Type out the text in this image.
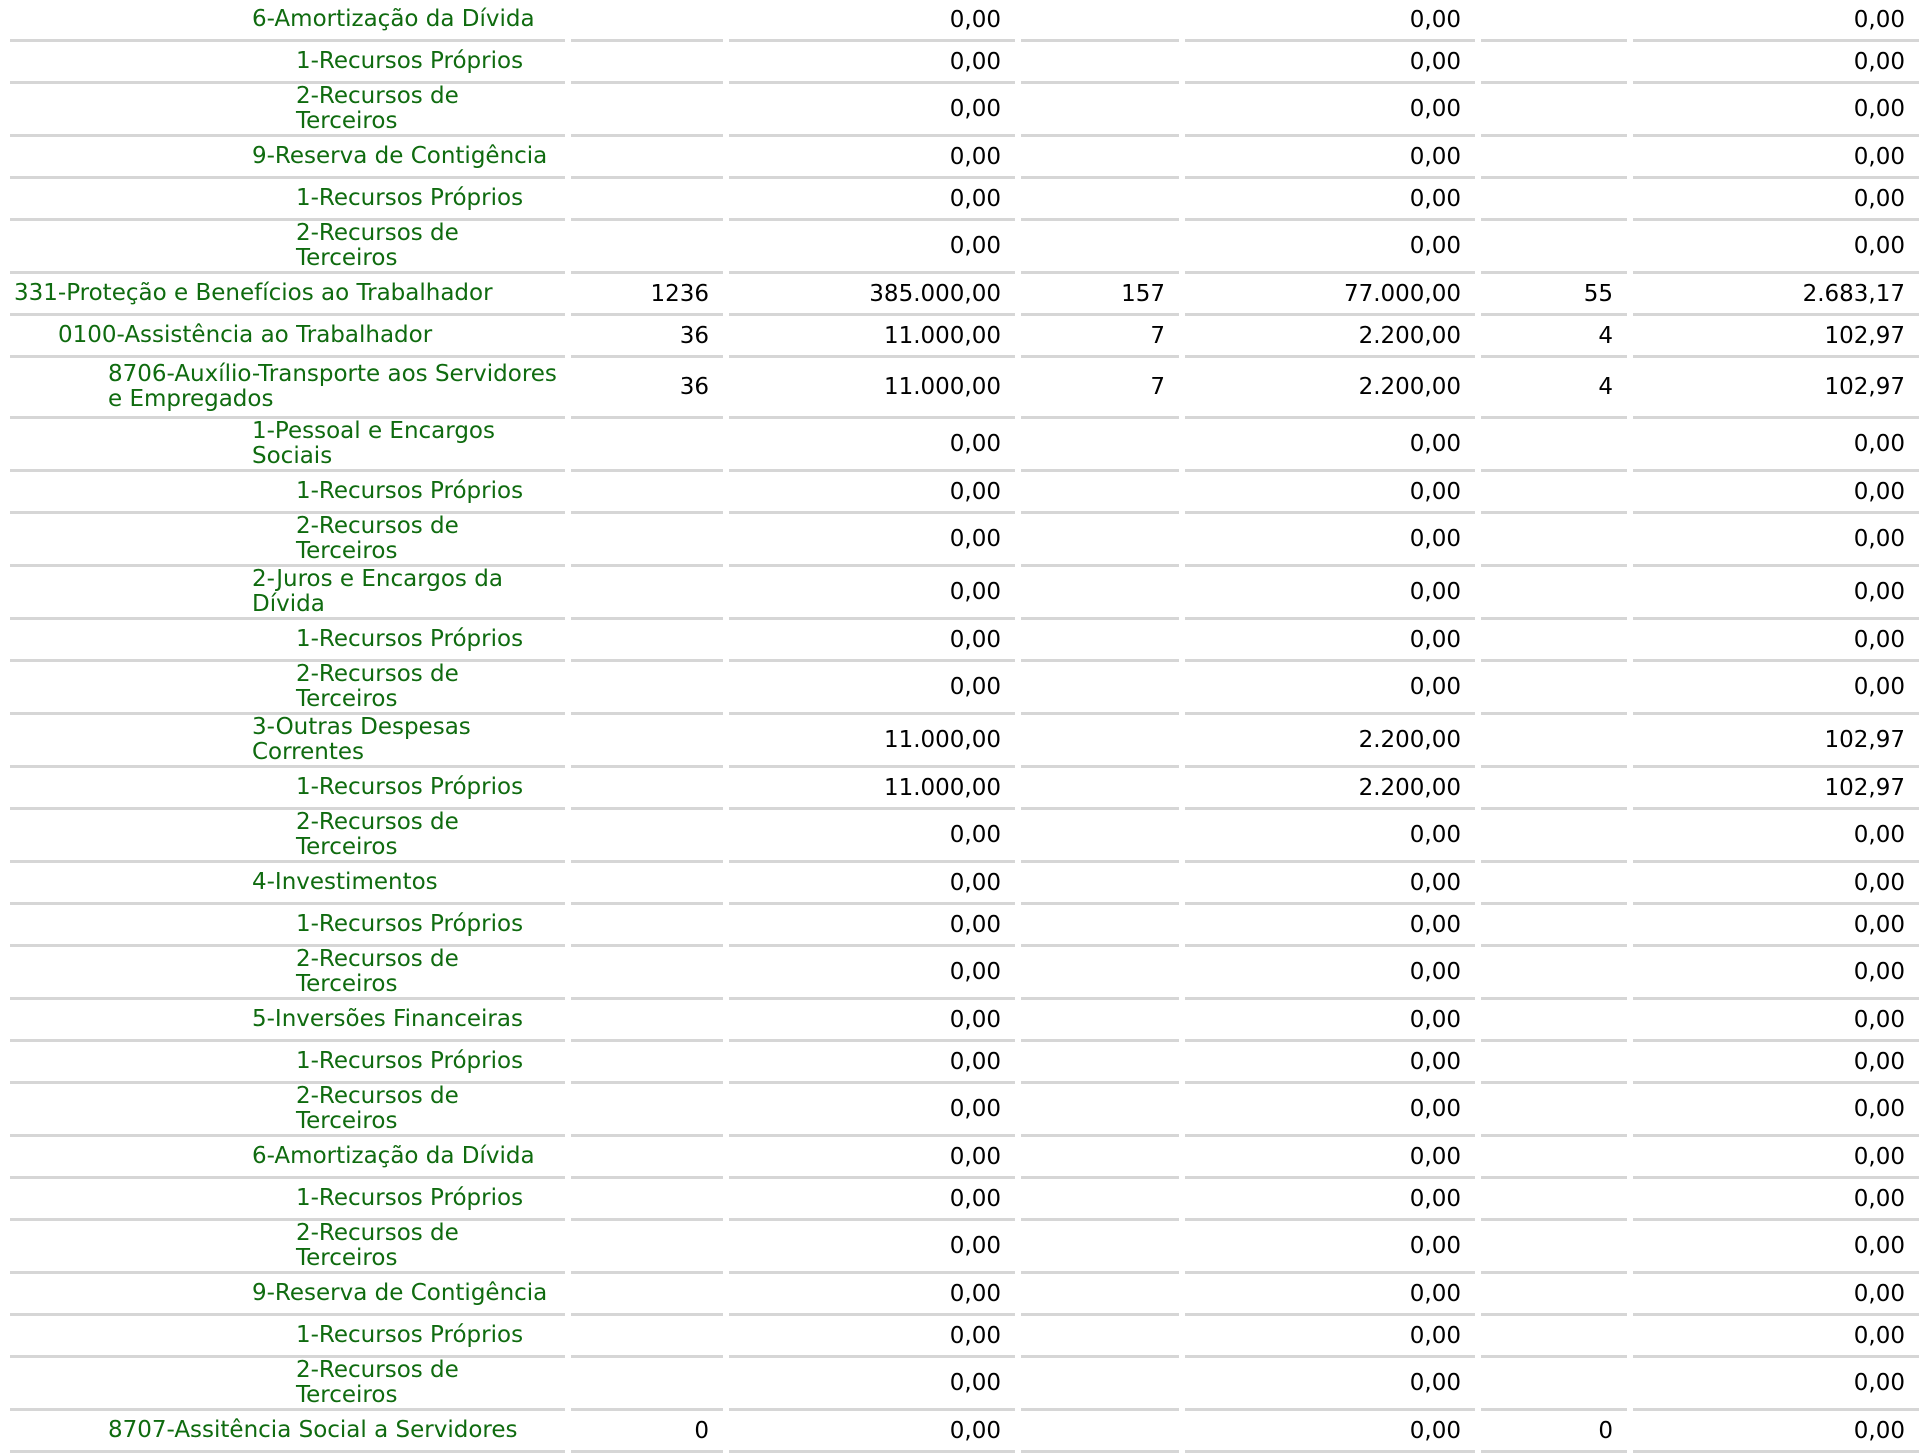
6-Amortização da Dívida		0,00		0,00		0,00
1-Recursos Próprios		0,00		0,00		0,00
2-Recursos de Terceiros		0,00		0,00		0,00
9-Reserva de Contigência		0,00		0,00		0,00
1-Recursos Próprios		0,00		0,00		0,00
2-Recursos de Terceiros		0,00		0,00		0,00
331-Proteção e Benefícios ao Trabalhador	1236	385.000,00	157	77.000,00	55	2.683,17
0100-Assistência ao Trabalhador	36	11.000,00	7	2.200,00	4	102,97
8706-Auxílio-Transporte aos Servidores e Empregados	36	11.000,00	7	2.200,00	4	102,97
1-Pessoal e Encargos Sociais		0,00		0,00		0,00
1-Recursos Próprios		0,00		0,00		0,00
2-Recursos de Terceiros		0,00		0,00		0,00
2-Juros e Encargos da Dívida		0,00		0,00		0,00
1-Recursos Próprios		0,00		0,00		0,00
2-Recursos de Terceiros		0,00		0,00		0,00
3-Outras Despesas Correntes		11.000,00		2.200,00		102,97
1-Recursos Próprios		11.000,00		2.200,00		102,97
2-Recursos de Terceiros		0,00		0,00		0,00
4-Investimentos		0,00		0,00		0,00
1-Recursos Próprios		0,00		0,00		0,00
2-Recursos de Terceiros		0,00		0,00		0,00
5-Inversões Financeiras		0,00		0,00		0,00
1-Recursos Próprios		0,00		0,00		0,00
2-Recursos de Terceiros		0,00		0,00		0,00
6-Amortização da Dívida		0,00		0,00		0,00
1-Recursos Próprios		0,00		0,00		0,00
2-Recursos de Terceiros		0,00		0,00		0,00
9-Reserva de Contigência		0,00		0,00		0,00
1-Recursos Próprios		0,00		0,00		0,00
2-Recursos de Terceiros		0,00		0,00		0,00
8707-Assitência Social a Servidores	0	0,00		0,00	0	0,00
